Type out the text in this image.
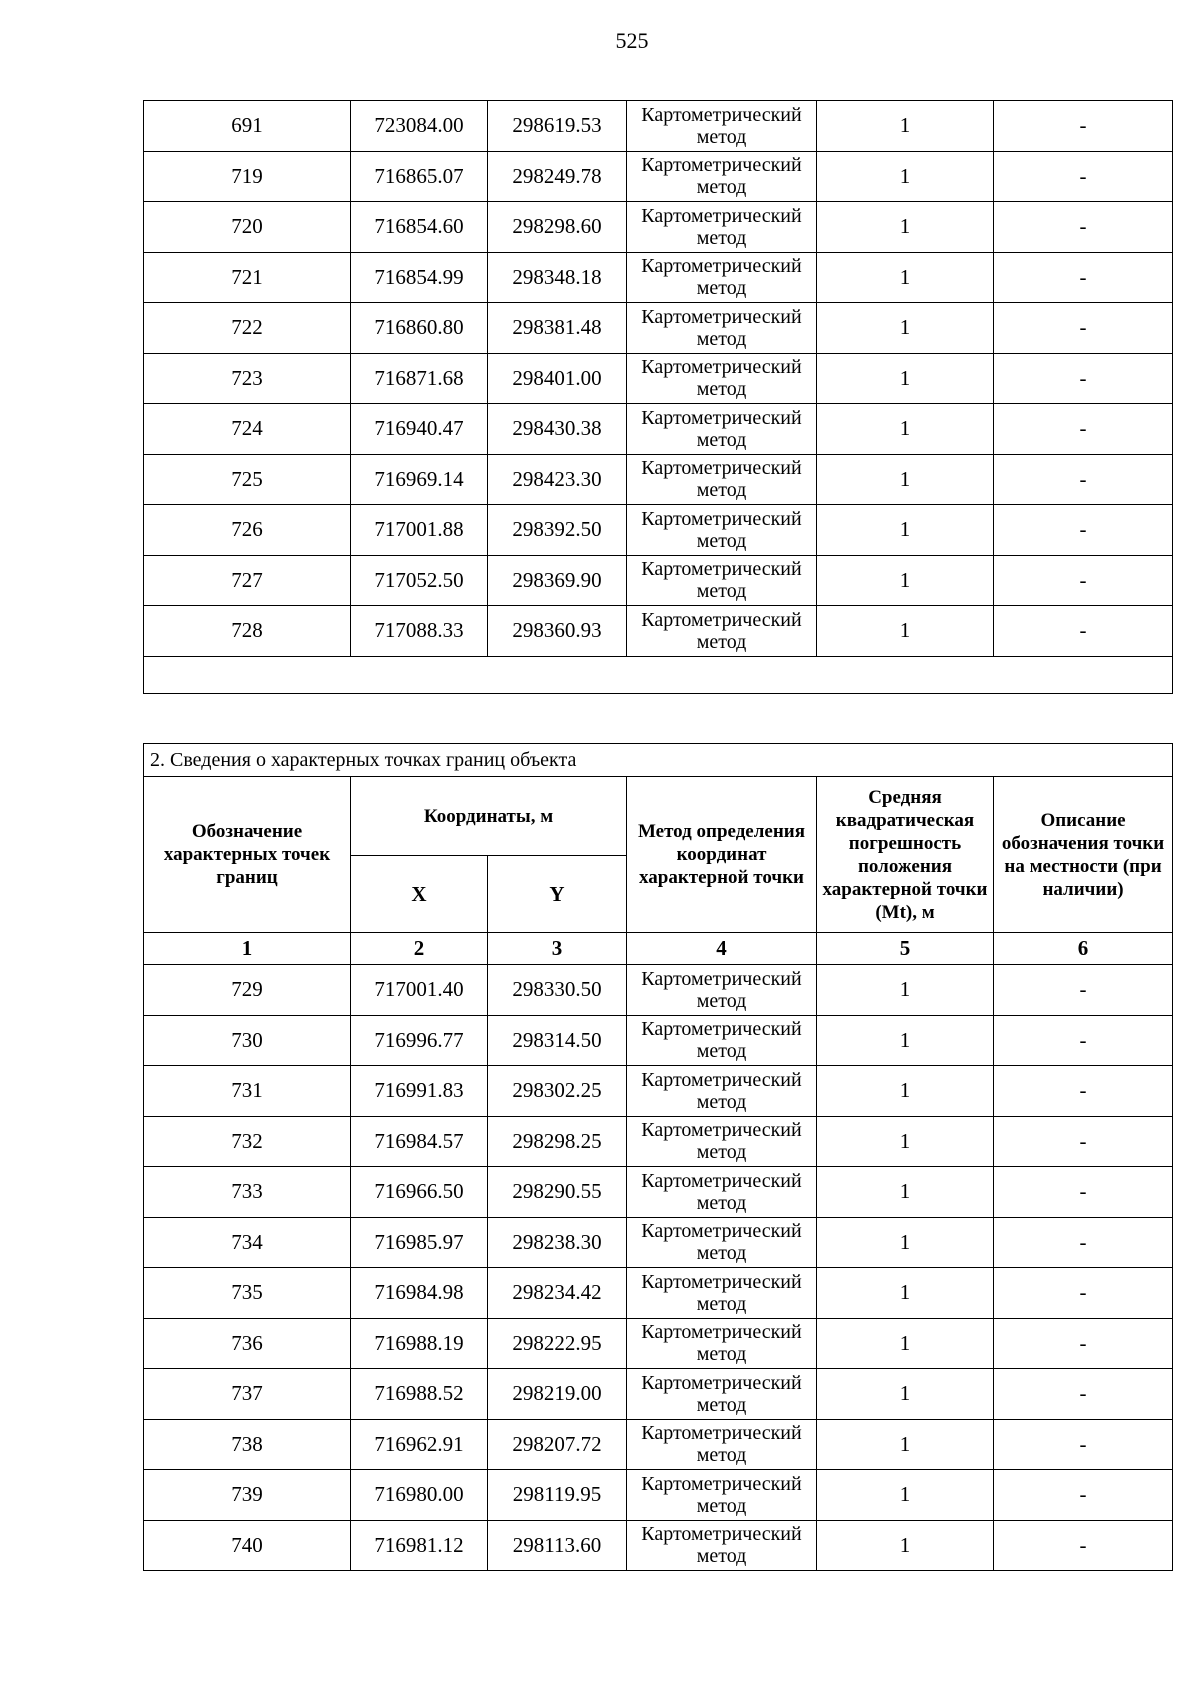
525
691	723084.00	298619.53	Картометрический метод	1	-
719	716865.07	298249.78	Картометрический метод	1	-
720	716854.60	298298.60	Картометрический метод	1	-
721	716854.99	298348.18	Картометрический метод	1	-
722	716860.80	298381.48	Картометрический метод	1	-
723	716871.68	298401.00	Картометрический метод	1	-
724	716940.47	298430.38	Картометрический метод	1	-
725	716969.14	298423.30	Картометрический метод	1	-
726	717001.88	298392.50	Картометрический метод	1	-
727	717052.50	298369.90	Картометрический метод	1	-
728	717088.33	298360.93	Картометрический метод	1	-

2. Сведения о характерных точках границ объекта					
Обозначение характерных точек границ	Координаты, м		Метод определения координат характерной точки	Средняя квадратическая погрешность положения характерной точки (Mt), м	Описание обозначения точки на местности (при наличии)
	X	Y			
1	2	3	4	5	6
729	717001.40	298330.50	Картометрический метод	1	-
730	716996.77	298314.50	Картометрический метод	1	-
731	716991.83	298302.25	Картометрический метод	1	-
732	716984.57	298298.25	Картометрический метод	1	-
733	716966.50	298290.55	Картометрический метод	1	-
734	716985.97	298238.30	Картометрический метод	1	-
735	716984.98	298234.42	Картометрический метод	1	-
736	716988.19	298222.95	Картометрический метод	1	-
737	716988.52	298219.00	Картометрический метод	1	-
738	716962.91	298207.72	Картометрический метод	1	-
739	716980.00	298119.95	Картометрический метод	1	-
740	716981.12	298113.60	Картометрический метод	1	-
